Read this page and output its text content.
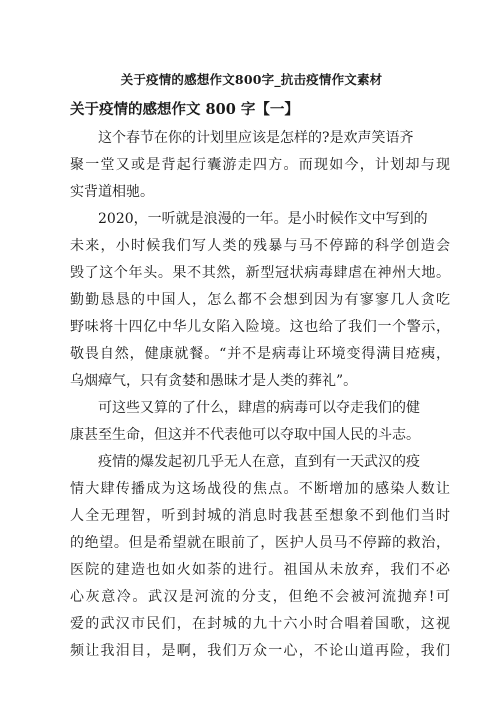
关于疫情的感想作文800字_抗击疫情作文素材
关于疫情的感想作文 800 字【一】
这个春节在你的计划里应该是怎样的?是欢声笑语齐
聚一堂又或是背起行囊游走四方。而现如今，计划却与现
实背道相驰。
2020，一听就是浪漫的一年。是小时候作文中写到的
未来，小时候我们写人类的残暴与马不停蹄的科学创造会
毁了这个年头。果不其然，新型冠状病毒肆虐在神州大地。
勤勤恳恳的中国人，怎么都不会想到因为有寥寥几人贪吃
野味将十四亿中华儿女陷入险境。这也给了我们一个警示，
敬畏自然，健康就餐。“并不是病毒让环境变得满目疮痍，
乌烟瘴气，只有贪婪和愚昧才是人类的葬礼”。
可这些又算的了什么，肆虐的病毒可以夺走我们的健
康甚至生命，但这并不代表他可以夺取中国人民的斗志。
疫情的爆发起初几乎无人在意，直到有一天武汉的疫
情大肆传播成为这场战役的焦点。不断增加的感染人数让
人全无理智，听到封城的消息时我甚至想象不到他们当时
的绝望。但是希望就在眼前了，医护人员马不停蹄的救治，
医院的建造也如火如荼的进行。祖国从未放弃，我们不必
心灰意冷。武汉是河流的分支，但绝不会被河流抛弃!可
爱的武汉市民们，在封城的九十六小时合唱着国歌，这视
频让我泪目，是啊，我们万众一心，不论山道再险，我们
